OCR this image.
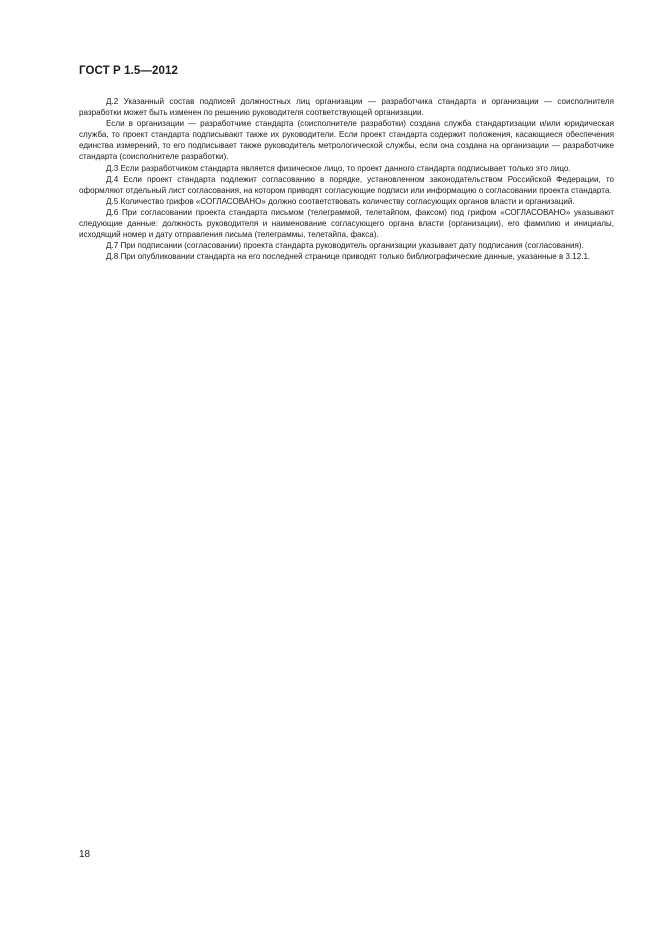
ГОСТ Р 1.5—2012

Д.2 Указанный состав подписей должностных лиц организации — разработчика стандарта и организации — соисполнителя разработки может быть изменен по решению руководителя соответствующей организации.

Если в организации — разработчике стандарта (соисполнителе разработки) создана служба стандартизации и/или юридическая служба, то проект стандарта подписывают также их руководители. Если проект стандарта содержит положения, касающиеся обеспечения единства измерений, то его подписывает также руководитель метрологической службы, если она создана на организации — разработчике стандарта (соисполнителе разработки).

Д.3 Если разработчиком стандарта является физическое лицо, то проект данного стандарта подписывает только это лицо.

Д.4 Если проект стандарта подлежит согласованию в порядке, установленном законодательством Российской Федерации, то оформляют отдельный лист согласования, на котором приводят согласующие подписи или информацию о согласовании проекта стандарта.

Д.5 Количество грифов «СОГЛАСОВАНО» должно соответствовать количеству согласующих органов власти и организаций.

Д.6 При согласовании проекта стандарта письмом (телеграммой, телетайпом, факсом) под грифом «СОГЛАСОВАНО» указывают следующие данные: должность руководителя и наименование согласующего органа власти (организации), его фамилию и инициалы, исходящий номер и дату отправления письма (телеграммы, телетайпа, факса).

Д.7 При подписании (согласовании) проекта стандарта руководитель организации указывает дату подписания (согласования).

Д.8 При опубликовании стандарта на его последней странице приводят только библиографические данные, указанные в 3.12.1.

18
